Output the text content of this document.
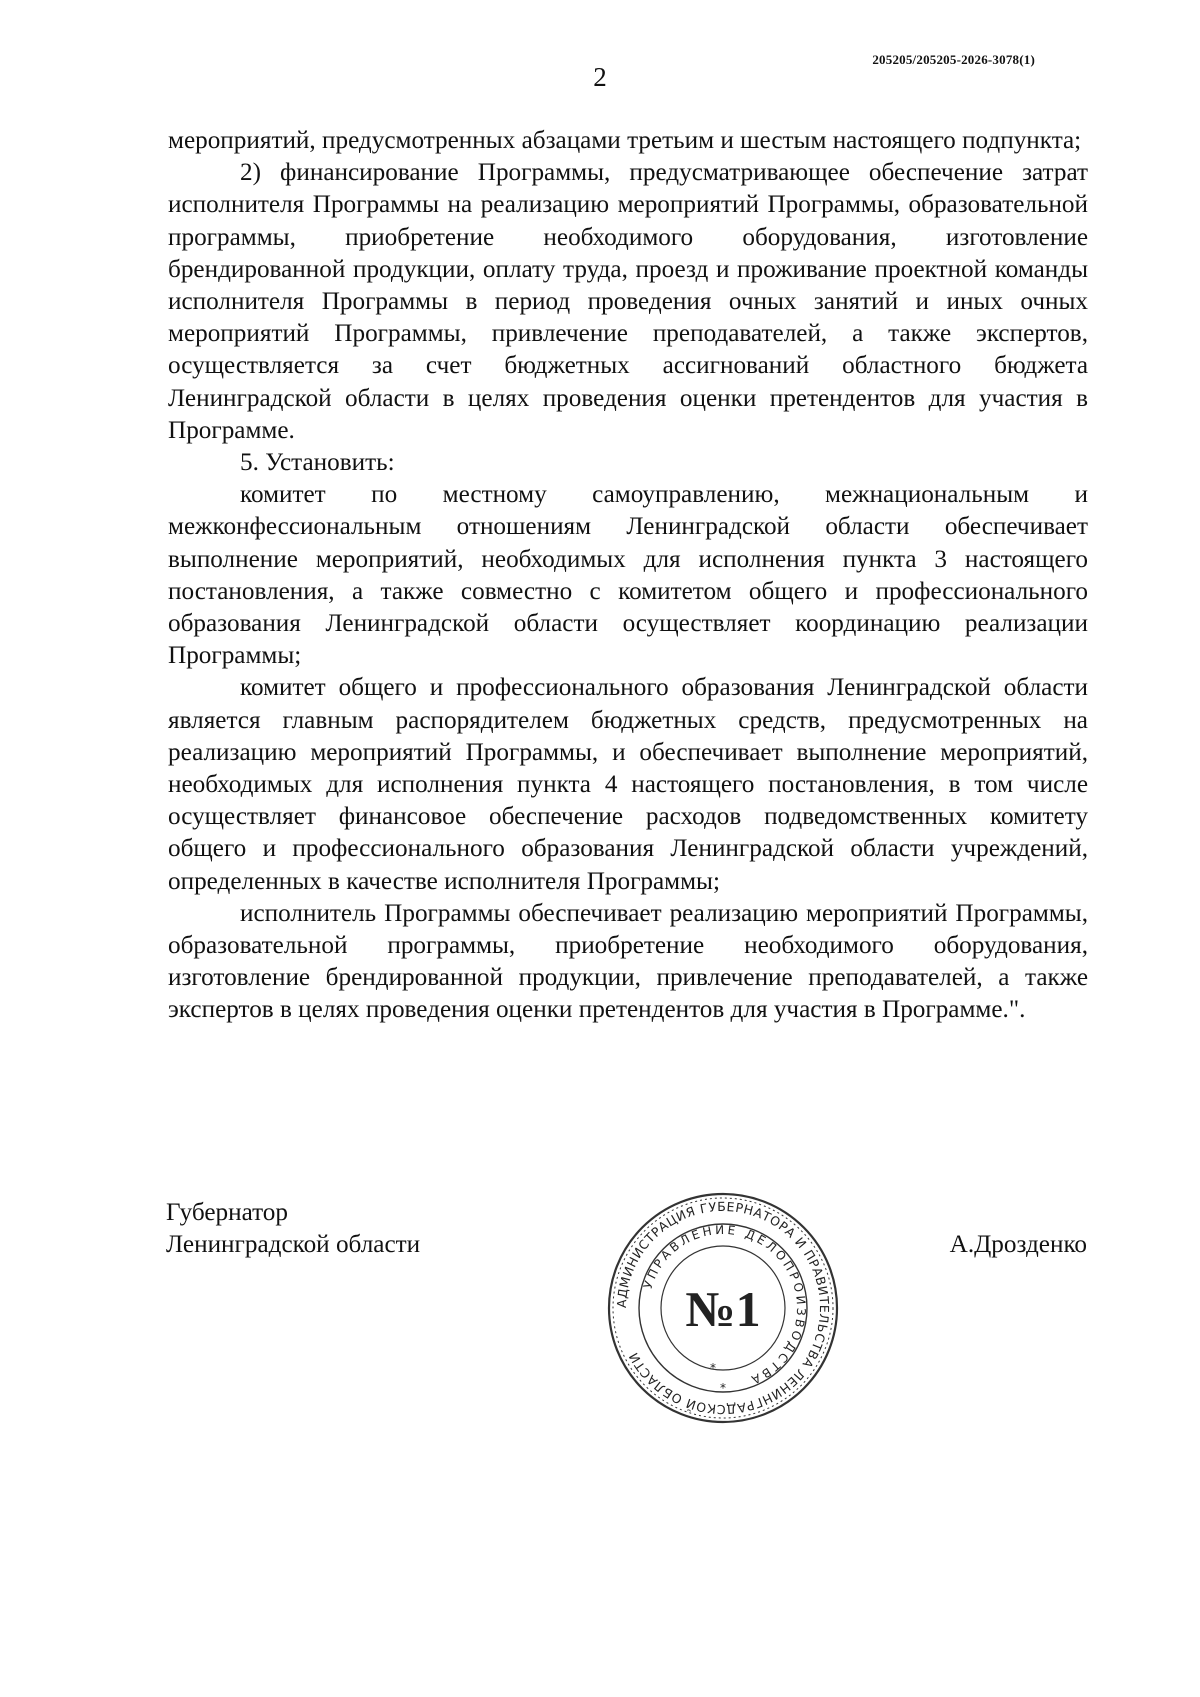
205205/205205-2026-3078(1)
2

мероприятий, предусмотренных абзацами третьим и шестым настоящего подпункта;

2) финансирование Программы, предусматривающее обеспечение затрат исполнителя Программы на реализацию мероприятий Программы, образовательной программы, приобретение необходимого оборудования, изготовление брендированной продукции, оплату труда, проезд и проживание проектной команды исполнителя Программы в период проведения очных занятий и иных очных мероприятий Программы, привлечение преподавателей, а также экспертов, осуществляется за счет бюджетных ассигнований областного бюджета Ленинградской области в целях проведения оценки претендентов для участия в Программе.

5. Установить:

комитет по местному самоуправлению, межнациональным и межконфессиональным отношениям Ленинградской области обеспечивает выполнение мероприятий, необходимых для исполнения пункта 3 настоящего постановления, а также совместно с комитетом общего и профессионального образования Ленинградской области осуществляет координацию реализации Программы;

комитет общего и профессионального образования Ленинградской области является главным распорядителем бюджетных средств, предусмотренных на реализацию мероприятий Программы, и обеспечивает выполнение мероприятий, необходимых для исполнения пункта 4 настоящего постановления, в том числе осуществляет финансовое обеспечение расходов подведомственных комитету общего и профессионального образования Ленинградской области учреждений, определенных в качестве исполнителя Программы;

исполнитель Программы обеспечивает реализацию мероприятий Программы, образовательной программы, приобретение необходимого оборудования, изготовление брендированной продукции, привлечение преподавателей, а также экспертов в целях проведения оценки претендентов для участия в Программе.".

Губернатор
Ленинградской области	А.Дрозденко
АДМИНИСТРАЦИЯ ГУБЕРНАТОРА И ПРАВИТЕЛЬСТВА ЛЕНИНГРАДСКОЙ ОБЛАСТИ
УПРАВЛЕНИЕ ДЕЛОПРОИЗВОДСТВА
№1
*
*
